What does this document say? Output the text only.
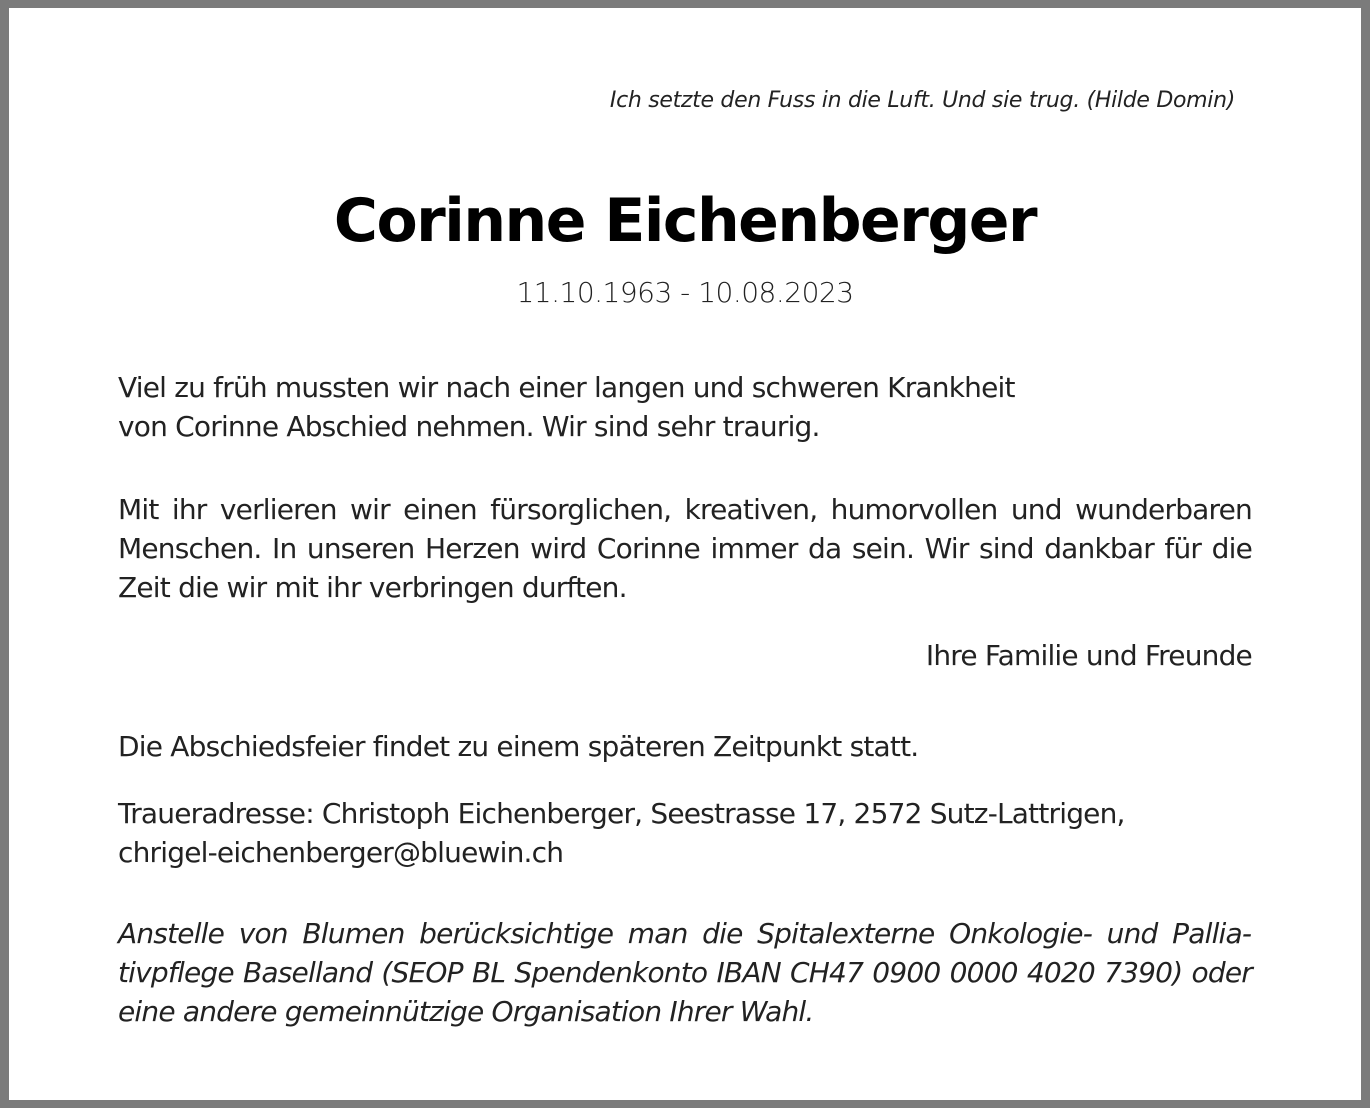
Ich setzte den Fuss in die Luft. Und sie trug. (Hilde Domin)

Corinne Eichenberger

11.10.1963 - 10.08.2023

Viel zu früh mussten wir nach einer langen und schweren Krankheit
von Corinne Abschied nehmen. Wir sind sehr traurig.

Mit ihr verlieren wir einen fürsorglichen, kreativen, humorvollen und wunderbaren Menschen. In unseren Herzen wird Corinne immer da sein. Wir sind dankbar für die Zeit die wir mit ihr verbringen durften.

Ihre Familie und Freunde

Die Abschiedsfeier findet zu einem späteren Zeitpunkt statt.

Traueradresse: Christoph Eichenberger, Seestrasse 17, 2572 Sutz-Lattrigen,
chrigel-eichenberger@bluewin.ch

Anstelle von Blumen berücksichtige man die Spitalexterne Onkologie- und Palliativpflege Baselland (SEOP BL Spendenkonto IBAN CH47 0900 0000 4020 7390) oder eine andere gemeinnützige Organisation Ihrer Wahl.
